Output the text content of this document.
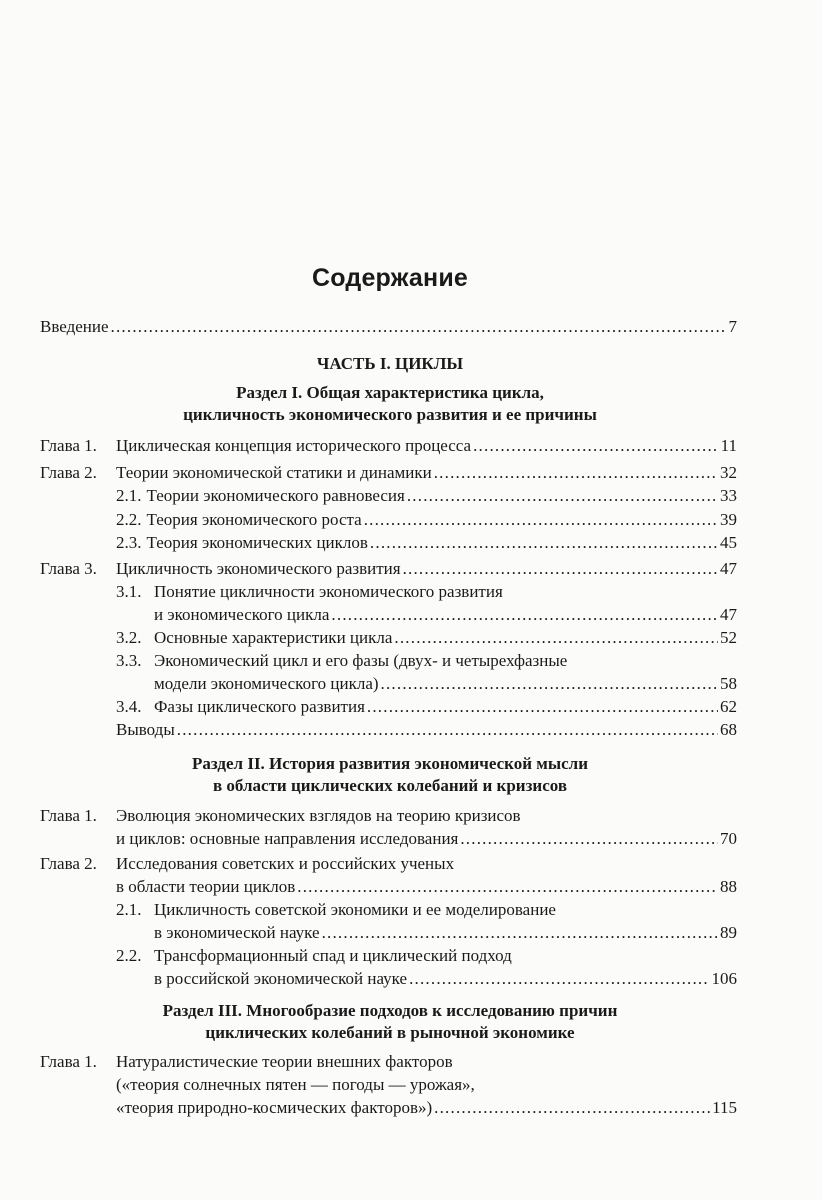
Содержание
Введение .....	7
ЧАСТЬ I. ЦИКЛЫ
Раздел I. Общая характеристика цикла,
цикличность экономического развития и ее причины
Глава 1. Циклическая концепция исторического процесса .....	11
Глава 2. Теории экономической статики и динамики .....	32
2.1. Теории экономического равновесия .....	33
2.2. Теория экономического роста .....	39
2.3. Теория экономических циклов .....	45
Глава 3. Цикличность экономического развития .....	47
3.1. Понятие цикличности экономического развития
и экономического цикла .....	47
3.2. Основные характеристики цикла .....	52
3.3. Экономический цикл и его фазы (двух- и четырехфазные
модели экономического цикла) .....	58
3.4. Фазы циклического развития .....	62
Выводы .....	68
Раздел II. История развития экономической мысли
в области циклических колебаний и кризисов
Глава 1. Эволюция экономических взглядов на теорию кризисов
и циклов: основные направления исследования .....	70
Глава 2. Исследования советских и российских ученых
в области теории циклов .....	88
2.1. Цикличность советской экономики и ее моделирование
в экономической науке .....	89
2.2. Трансформационный спад и циклический подход
в российской экономической науке .....	106
Раздел III. Многообразие подходов к исследованию причин
циклических колебаний в рыночной экономике
Глава 1. Натуралистические теории внешних факторов
(«теория солнечных пятен — погоды — урожая»,
«теория природно-космических факторов») .....	115
